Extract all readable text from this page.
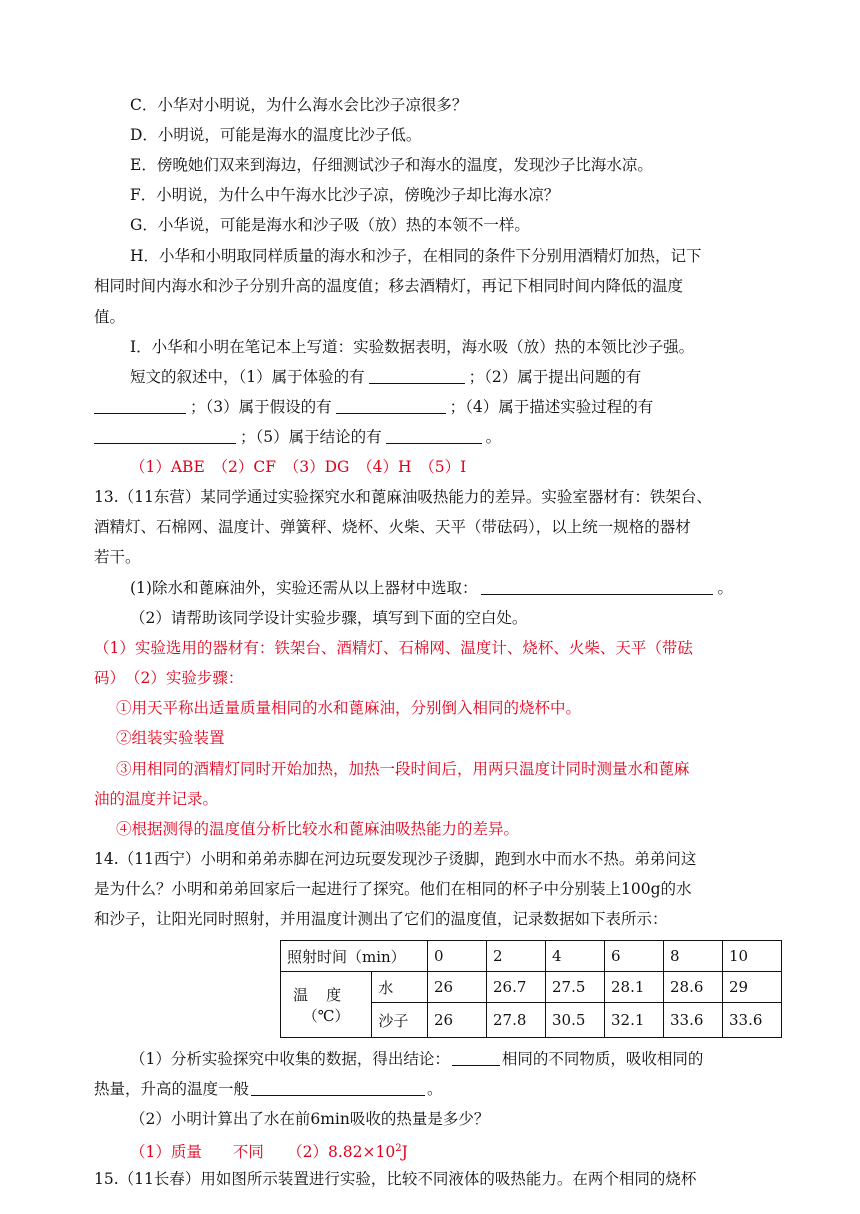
C．小华对小明说，为什么海水会比沙子凉很多？
D．小明说，可能是海水的温度比沙子低。
E．傍晚她们双来到海边，仔细测试沙子和海水的温度，发现沙子比海水凉。
F．小明说，为什么中午海水比沙子凉，傍晚沙子却比海水凉？
G．小华说，可能是海水和沙子吸（放）热的本领不一样。
H．小华和小明取同样质量的海水和沙子，在相同的条件下分别用酒精灯加热，记下
相同时间内海水和沙子分别升高的温度值；移去酒精灯，再记下相同时间内降低的温度
值。
I．小华和小明在笔记本上写道：实验数据表明，海水吸（放）热的本领比沙子强。
短文的叙述中，（1）属于体验的有	；（2）属于提出问题的有
；（3）属于假设的有	；（4）属于描述实验过程的有
；（5）属于结论的有	。
（1）ABE　（2）CF　（3）DG　（4）H　（5）I
13.（11东营）某同学通过实验探究水和蓖麻油吸热能力的差异。实验室器材有：铁架台、
酒精灯、石棉网、温度计、弹簧秤、烧杯、火柴、天平（带砝码），以上统一规格的器材
若干。
(1)除水和蓖麻油外，实验还需从以上器材中选取：	。
（2）请帮助该同学设计实验步骤，填写到下面的空白处。
（1）实验选用的器材有：铁架台、酒精灯、石棉网、温度计、烧杯、火柴、天平（带砝
码）　（2）实验步骤：
①用天平称出适量质量相同的水和蓖麻油，分别倒入相同的烧杯中。
②组装实验装置
③用相同的酒精灯同时开始加热，加热一段时间后，用两只温度计同时测量水和蓖麻
油的温度并记录。
④根据测得的温度值分析比较水和蓖麻油吸热能力的差异。
14.（11西宁）小明和弟弟赤脚在河边玩耍发现沙子烫脚，跑到水中而水不热。弟弟问这
是为什么？小明和弟弟回家后一起进行了探究。他们在相同的杯子中分别装上100g的水
和沙子，让阳光同时照射，并用温度计测出了它们的温度值，记录数据如下表所示：
照射时间（min）		0	2	4	6	8	10

温度
（℃）	水	26	26.7	27.5	28.1	28.6	29
	沙子	26	27.8	30.5	32.1	33.6	33.6
（1）分析实验探究中收集的数据，得出结论：	相同的不同物质，吸收相同的
热量，升高的温度一般	。
（2）小明计算出了水在前6min吸收的热量是多少？
（1）质量　　不同　　$(2)8.82\times 10^2J$
15.（11长春）用如图所示装置进行实验，比较不同液体的吸热能力。在两个相同的烧杯
